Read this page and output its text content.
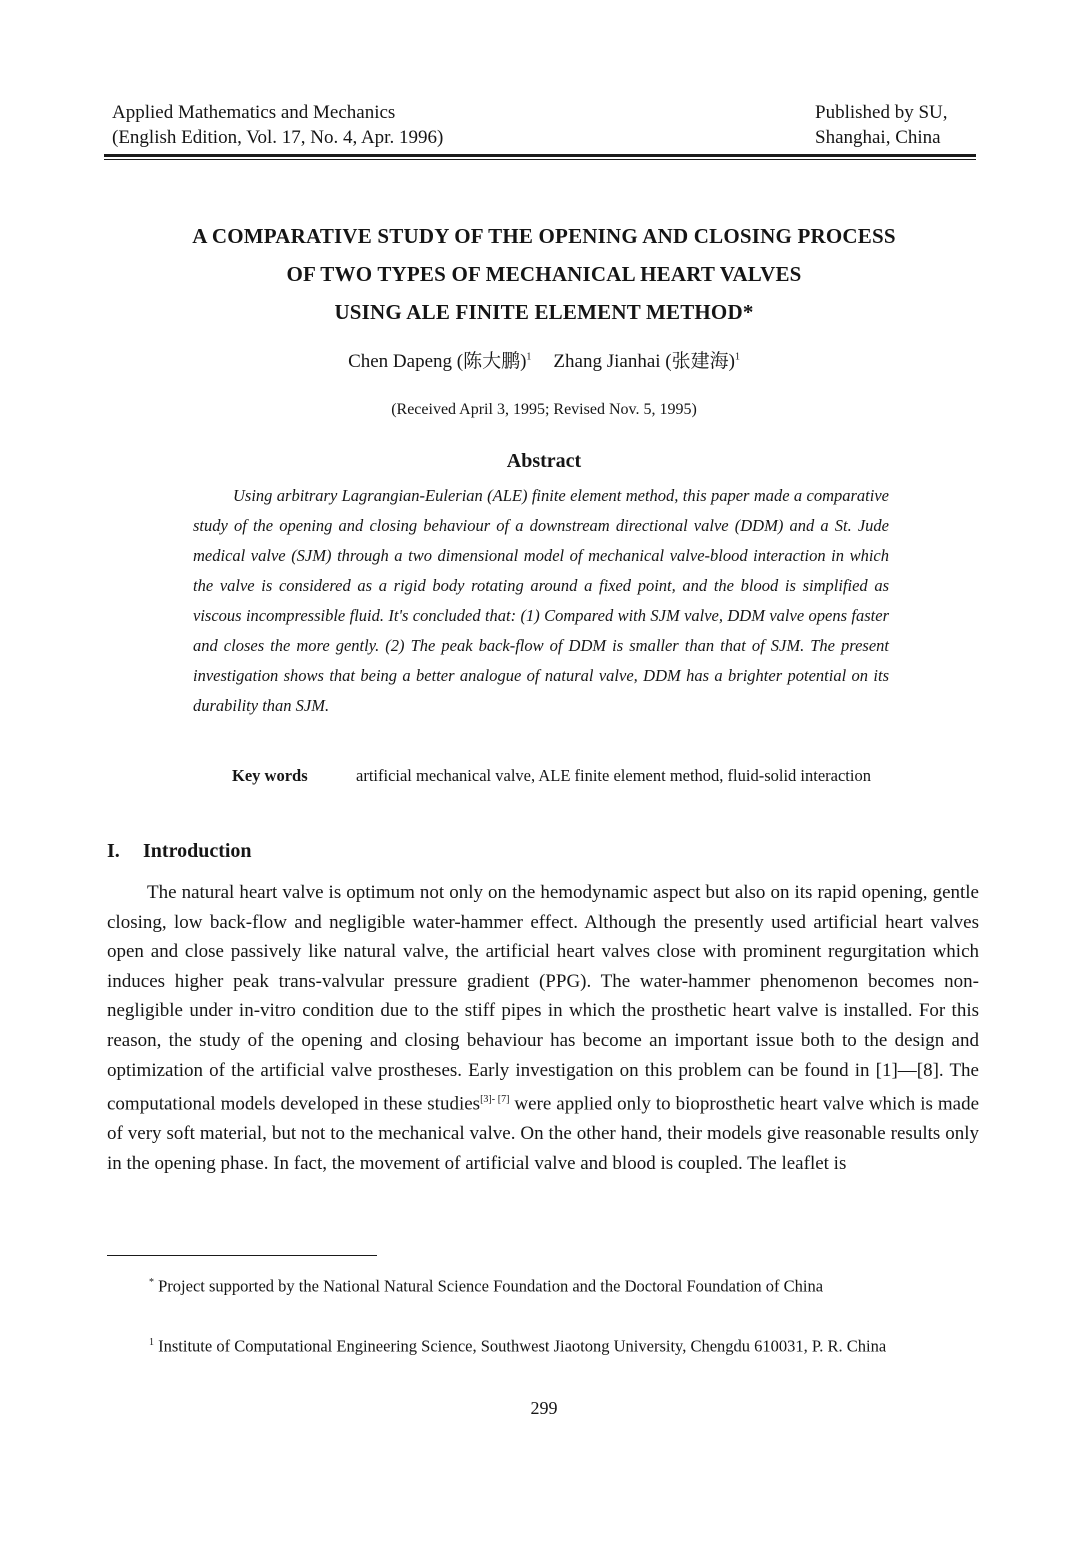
Applied Mathematics and Mechanics
(English Edition, Vol. 17, No. 4, Apr. 1996)
Published by SU,
Shanghai, China
A COMPARATIVE STUDY OF THE OPENING AND CLOSING PROCESS
OF TWO TYPES OF MECHANICAL HEART VALVES
USING ALE FINITE ELEMENT METHOD*
Chen Dapeng (陈大鹏)$^1$ Zhang Jianhai (张建海)$^1$
(Received April 3, 1995; Revised Nov. 5, 1995)
Abstract
Using arbitrary Lagrangian-Eulerian (ALE) finite element method, this paper made a comparative study of the opening and closing behaviour of a downstream directional valve (DDM) and a St. Jude medical valve (SJM) through a two dimensional model of mechanical valve-blood interaction in which the valve is considered as a rigid body rotating around a fixed point, and the blood is simplified as viscous incompressible fluid. It's concluded that: (1) Compared with SJM valve, DDM valve opens faster and closes the more gently. (2) The peak back-flow of DDM is smaller than that of SJM. The present investigation shows that being a better analogue of natural valve, DDM has a brighter potential on its durability than SJM.
Key words	artificial mechanical valve, ALE finite element method, fluid-solid interaction
I. Introduction
The natural heart valve is optimum not only on the hemodynamic aspect but also on its rapid opening, gentle closing, low back-flow and negligible water-hammer effect. Although the presently used artificial heart valves open and close passively like natural valve, the artificial heart valves close with prominent regurgitation which induces higher peak trans-valvular pressure gradient (PPG). The water-hammer phenomenon becomes non-negligible under in-vitro condition due to the stiff pipes in which the prosthetic heart valve is installed. For this reason, the study of the opening and closing behaviour has become an important issue both to the design and optimization of the artificial valve prostheses. Early investigation on this problem can be found in [1]—[8]. The computational models developed in these studies[3]- [7] were applied only to bioprosthetic heart valve which is made of very soft material, but not to the mechanical valve. On the other hand, their models give reasonable results only in the opening phase. In fact, the movement of artificial valve and blood is coupled. The leaflet is
* Project supported by the National Natural Science Foundation and the Doctoral Foundation of China
$^1$ Institute of Computational Engineering Science, Southwest Jiaotong University, Chengdu 610031, P. R. China
299
